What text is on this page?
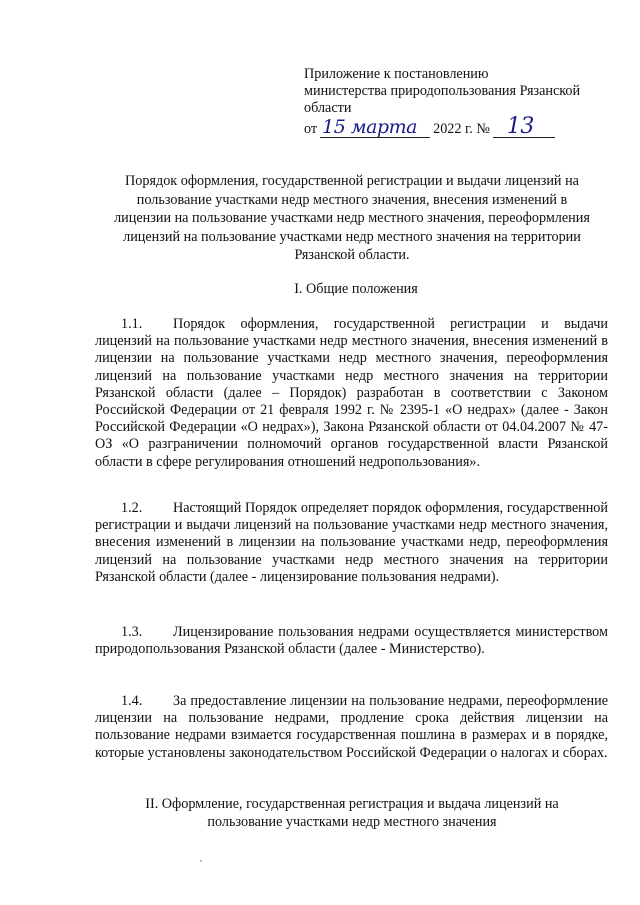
Приложение к постановлению
министерства природопользования Рязанской
области
от 15 марта 2022 г. № 13
Порядок оформления, государственной регистрации и выдачи лицензий на
пользование участками недр местного значения, внесения изменений в
лицензии на пользование участками недр местного значения, переоформления
лицензий на пользование участками недр местного значения на территории
Рязанской области.
I. Общие положения
1.1. Порядок оформления, государственной регистрации и выдачи лицензий на пользование участками недр местного значения, внесения изменений в лицензии на пользование участками недр местного значения, переоформления лицензий на пользование участками недр местного значения на территории Рязанской области (далее – Порядок) разработан в соответствии с Законом Российской Федерации от 21 февраля 1992 г. № 2395-1 «О недрах» (далее - Закон Российской Федерации «О недрах»), Закона Рязанской области от 04.04.2007 № 47-ОЗ «О разграничении полномочий органов государственной власти Рязанской области в сфере регулирования отношений недропользования».
1.2. Настоящий Порядок определяет порядок оформления, государственной регистрации и выдачи лицензий на пользование участками недр местного значения, внесения изменений в лицензии на пользование участками недр, переоформления лицензий на пользование участками недр местного значения на территории Рязанской области (далее - лицензирование пользования недрами).
1.3. Лицензирование пользования недрами осуществляется министерством природопользования Рязанской области (далее - Министерство).
1.4. За предоставление лицензии на пользование недрами, переоформление лицензии на пользование недрами, продление срока действия лицензии на пользование недрами взимается государственная пошлина в размерах и в порядке, которые установлены законодательством Российской Федерации о налогах и сборах.
II. Оформление, государственная регистрация и выдача лицензий на
пользование участками недр местного значения
